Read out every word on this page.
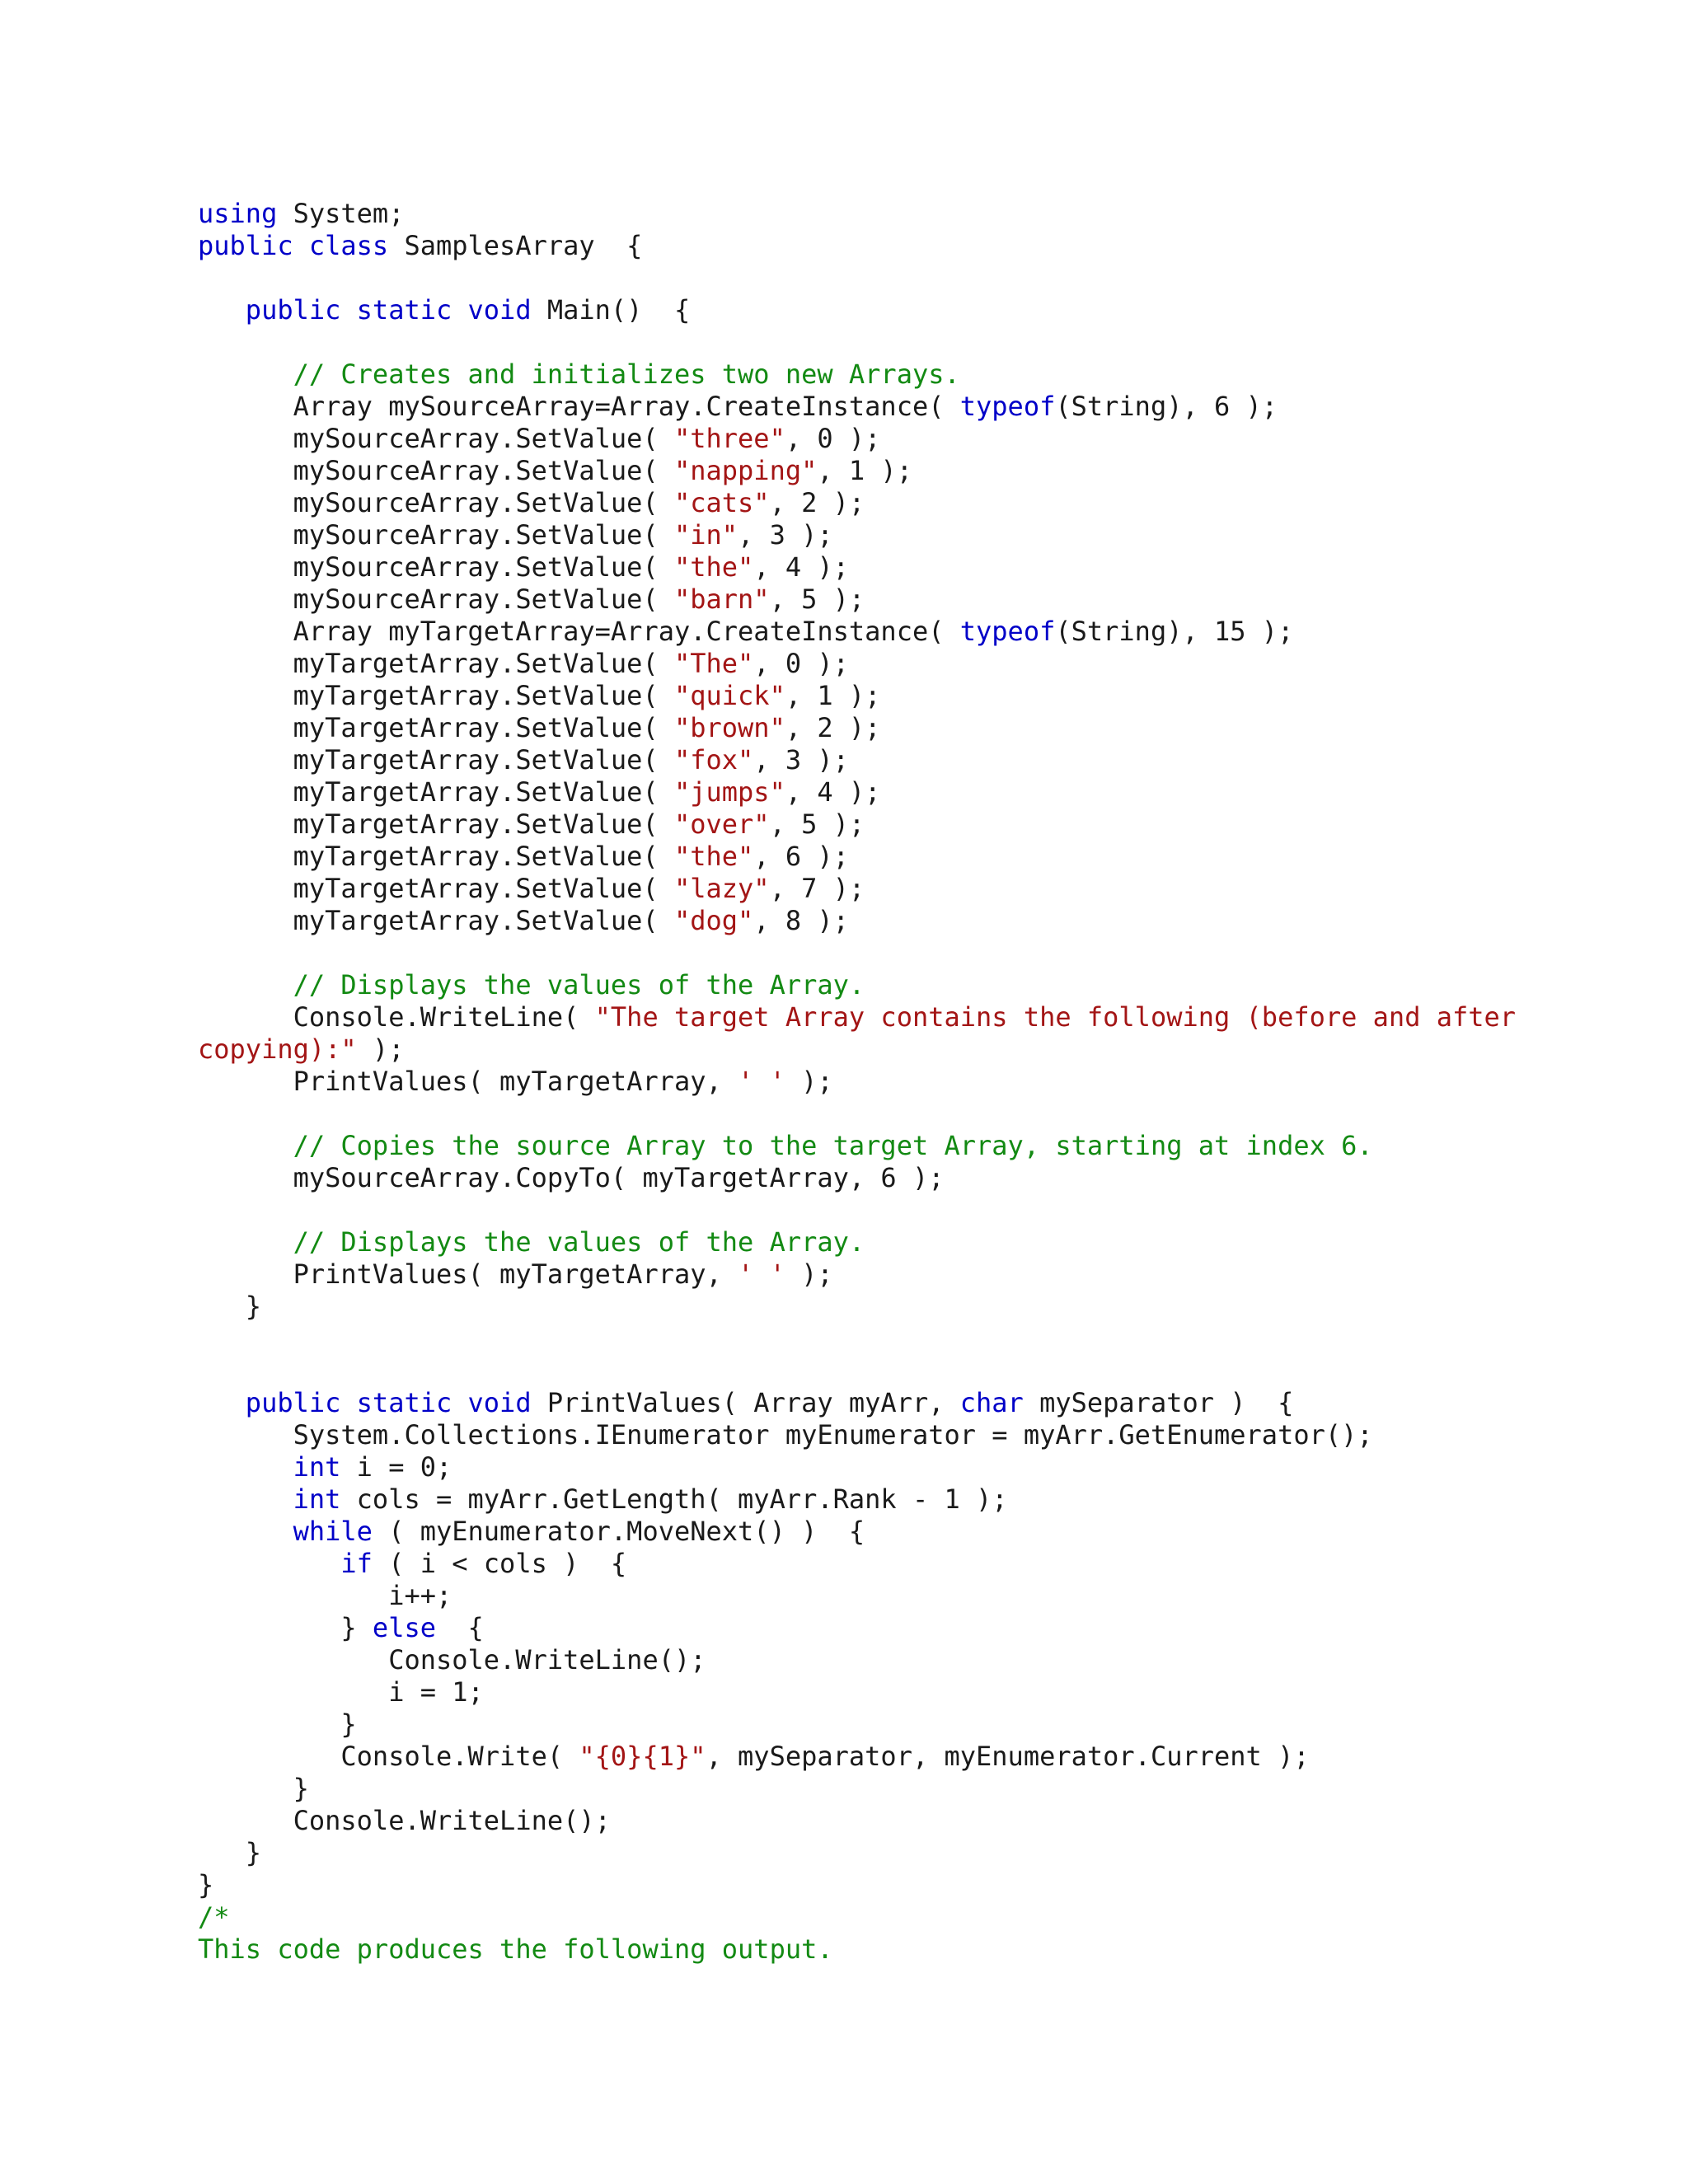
using System;
public class SamplesArray  {
public static void Main()  {
// Creates and initializes two new Arrays.
Array mySourceArray=Array.CreateInstance( typeof(String), 6 );
mySourceArray.SetValue( "three", 0 );
mySourceArray.SetValue( "napping", 1 );
mySourceArray.SetValue( "cats", 2 );
mySourceArray.SetValue( "in", 3 );
mySourceArray.SetValue( "the", 4 );
mySourceArray.SetValue( "barn", 5 );
Array myTargetArray=Array.CreateInstance( typeof(String), 15 );
myTargetArray.SetValue( "The", 0 );
myTargetArray.SetValue( "quick", 1 );
myTargetArray.SetValue( "brown", 2 );
myTargetArray.SetValue( "fox", 3 );
myTargetArray.SetValue( "jumps", 4 );
myTargetArray.SetValue( "over", 5 );
myTargetArray.SetValue( "the", 6 );
myTargetArray.SetValue( "lazy", 7 );
myTargetArray.SetValue( "dog", 8 );
// Displays the values of the Array.
Console.WriteLine( "The target Array contains the following (before and after
copying):" );
PrintValues( myTargetArray, ' ' );
// Copies the source Array to the target Array, starting at index 6.
mySourceArray.CopyTo( myTargetArray, 6 );
// Displays the values of the Array.
PrintValues( myTargetArray, ' ' );
}
public static void PrintValues( Array myArr, char mySeparator )  {
System.Collections.IEnumerator myEnumerator = myArr.GetEnumerator();
int i = 0;
int cols = myArr.GetLength( myArr.Rank - 1 );
while ( myEnumerator.MoveNext() )  {
if ( i < cols )  {
i++;
} else  {
Console.WriteLine();
i = 1;
}
Console.Write( "{0}{1}", mySeparator, myEnumerator.Current );
}
Console.WriteLine();
}
}
/*
This code produces the following output.
